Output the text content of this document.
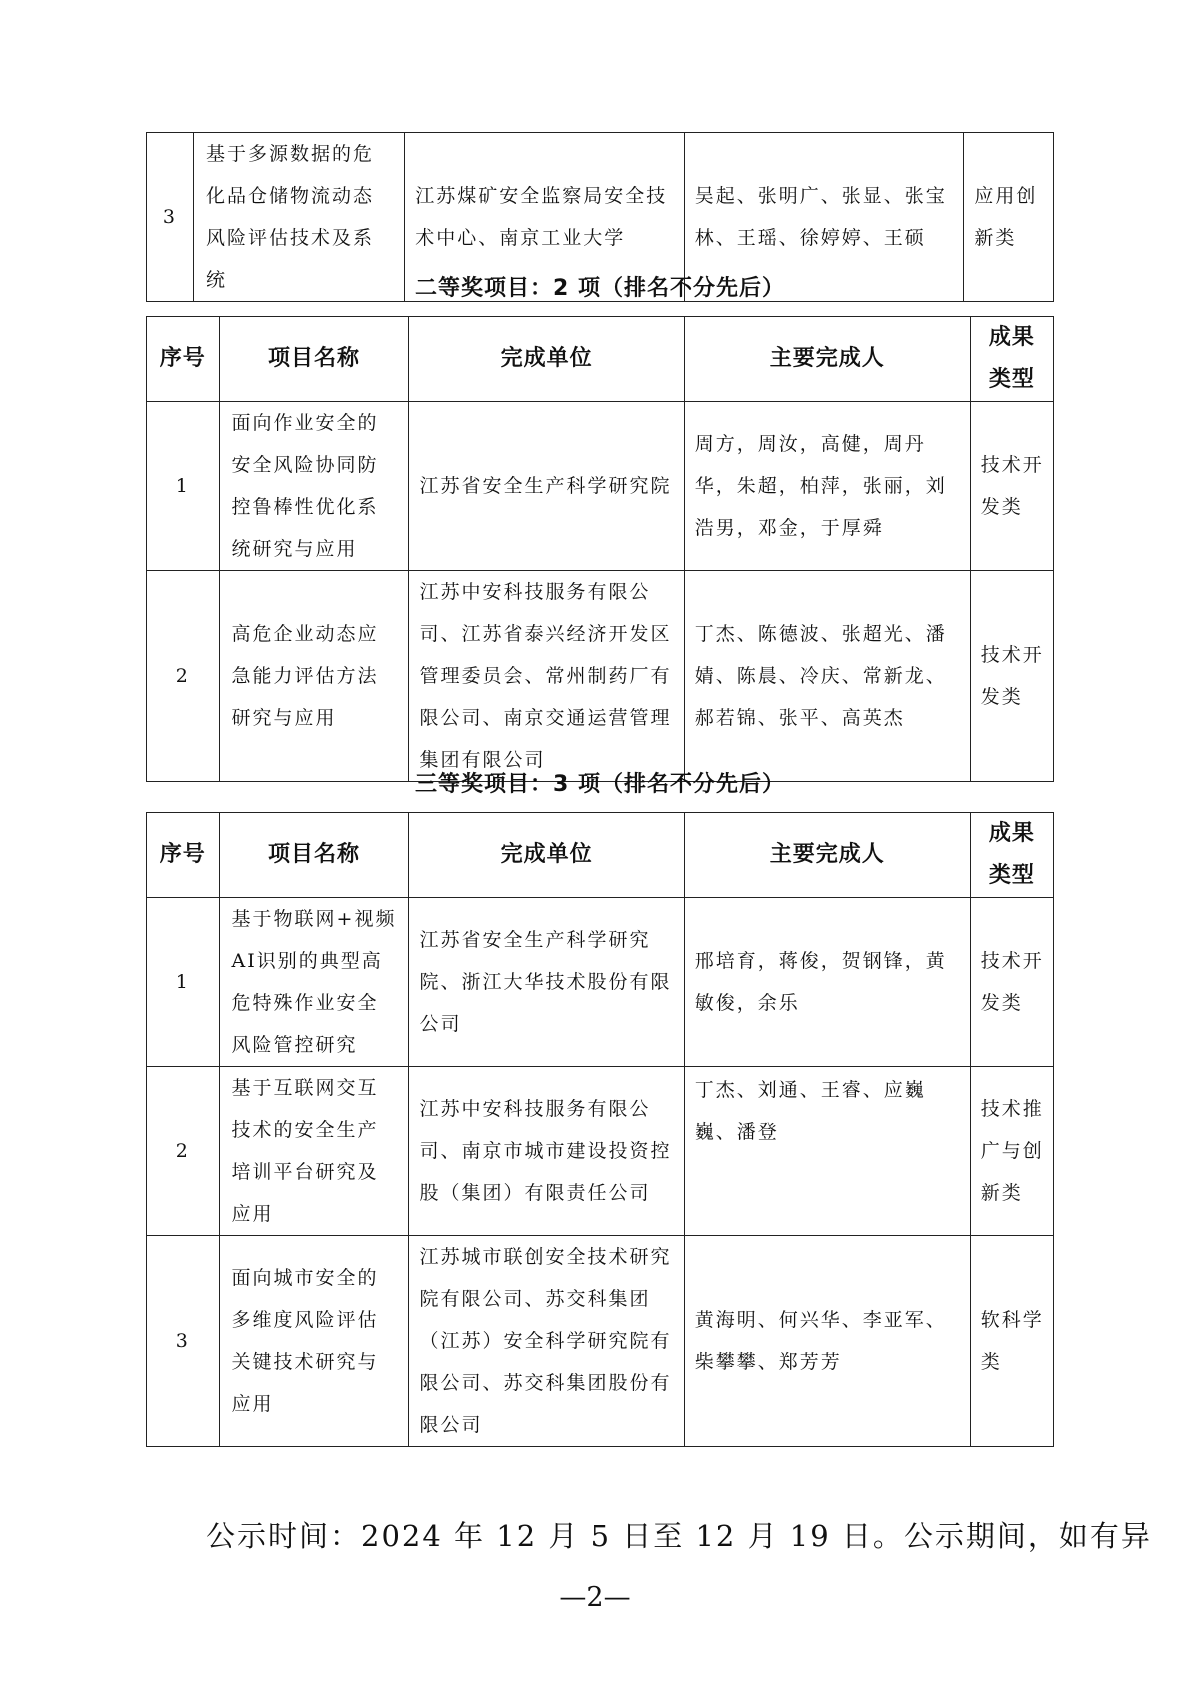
3	基于多源数据的危化品仓储物流动态风险评估技术及系统	江苏煤矿安全监察局安全技术中心、南京工业大学	吴起、张明广、张显、张宝林、王瑶、徐婷婷、王硕	应用创新类
二等奖项目：2 项（排名不分先后）
序号	项目名称	完成单位	主要完成人	成果类型
1	面向作业安全的安全风险协同防控鲁棒性优化系统研究与应用	江苏省安全生产科学研究院	周方，周汝，高健，周丹华，朱超，柏萍，张丽，刘浩男，邓金，于厚舜	技术开发类
2	高危企业动态应急能力评估方法研究与应用	江苏中安科技服务有限公司、江苏省泰兴经济开发区管理委员会、常州制药厂有限公司、南京交通运营管理集团有限公司	丁杰、陈德波、张超光、潘婧、陈晨、冷庆、常新龙、郝若锦、张平、高英杰	技术开发类
三等奖项目：3 项（排名不分先后）
序号	项目名称	完成单位	主要完成人	成果类型
1	基于物联网+视频AI识别的典型高危特殊作业安全风险管控研究	江苏省安全生产科学研究院、浙江大华技术股份有限公司	邢培育，蒋俊，贺钢锋，黄敏俊，余乐	技术开发类
2	基于互联网交互技术的安全生产培训平台研究及应用	江苏中安科技服务有限公司、南京市城市建设投资控股（集团）有限责任公司	丁杰、刘通、王睿、应巍巍、潘登	技术推广与创新类
3	面向城市安全的多维度风险评估关键技术研究与应用	江苏城市联创安全技术研究院有限公司、苏交科集团（江苏）安全科学研究院有限公司、苏交科集团股份有限公司	黄海明、何兴华、李亚军、柴攀攀、郑芳芳	软科学类
公示时间：2024 年 12 月 5 日至 12 月 19 日。公示期间，如有异
—2—
